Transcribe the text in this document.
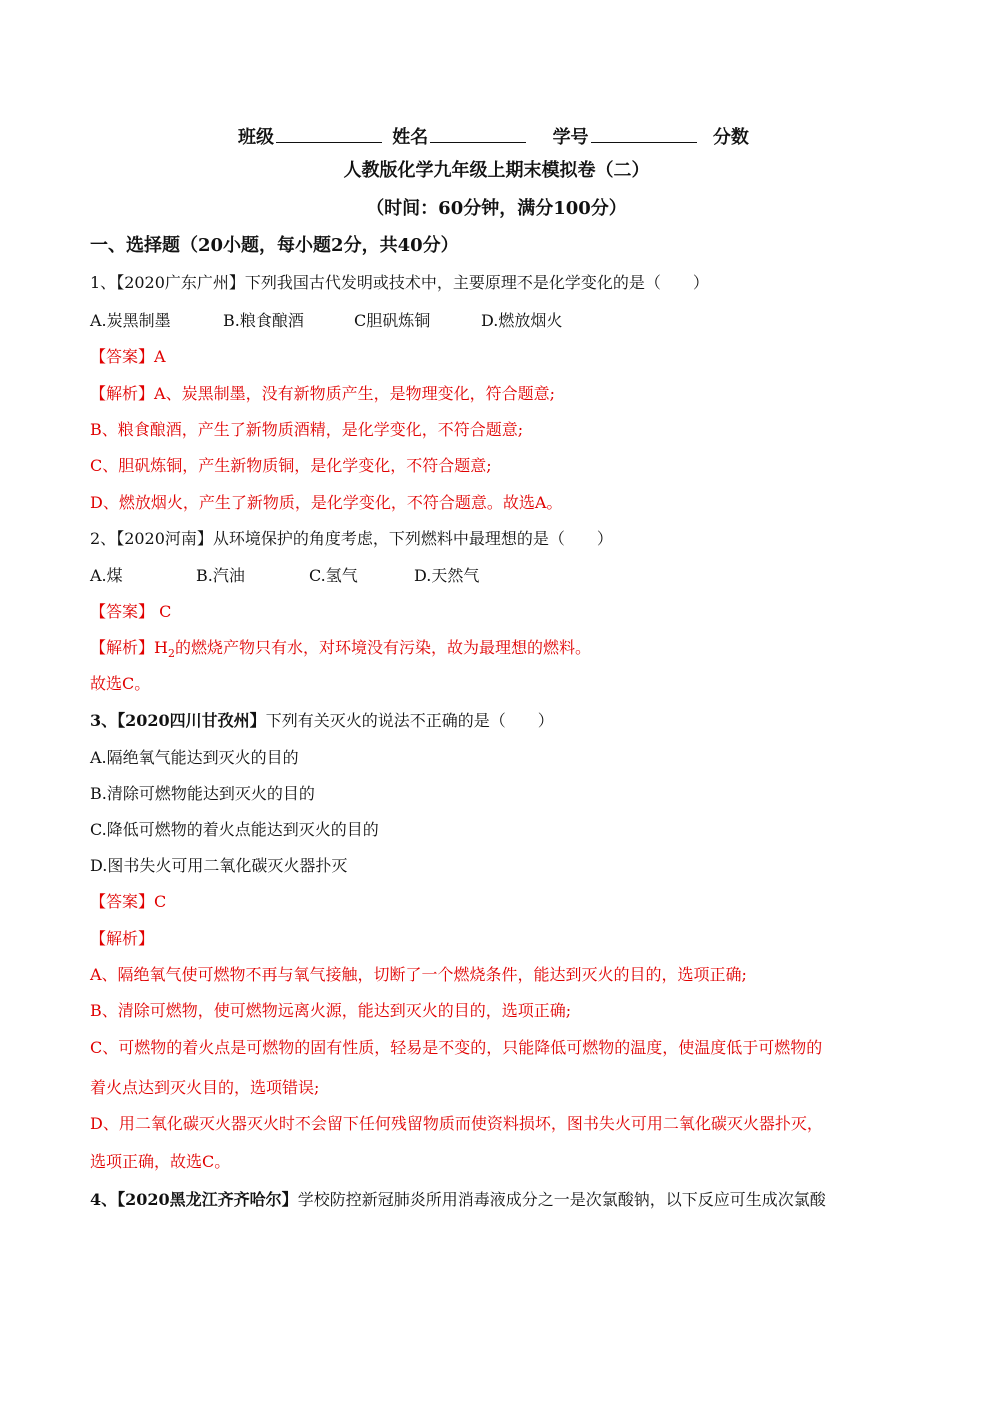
班级	姓名	学号	分数
人教版化学九年级上期末模拟卷（二）
（时间：60分钟，满分100分）
一、选择题（20小题，每小题2分，共40分）
1、【2020广东广州】下列我国古代发明或技术中，主要原理不是化学变化的是（　　）
A.炭黑制墨	B.粮食酿酒	C胆矾炼铜	D.燃放烟火
【答案】A
【解析】A、炭黑制墨，没有新物质产生，是物理变化，符合题意;
B、粮食酿酒，产生了新物质酒精，是化学变化，不符合题意;
C、胆矾炼铜，产生新物质铜，是化学变化，不符合题意;
D、燃放烟火，产生了新物质，是化学变化，不符合题意。故选A。
2、【2020河南】从环境保护的角度考虑，下列燃料中最理想的是（　　）
A.煤	B.汽油	C.氢气	D.天然气
【答案】 C
【解析】$H_2$的燃烧产物只有水，对环境没有污染，故为最理想的燃料。
故选C。
3、【2020四川甘孜州】下列有关灭火的说法不正确的是（　　）
A.隔绝氧气能达到灭火的目的
B.清除可燃物能达到灭火的目的
C.降低可燃物的着火点能达到灭火的目的
D.图书失火可用二氧化碳灭火器扑灭
【答案】C
【解析】
A、隔绝氧气使可燃物不再与氧气接触，切断了一个燃烧条件，能达到灭火的目的，选项正确;
B、清除可燃物，使可燃物远离火源，能达到灭火的目的，选项正确;
C、可燃物的着火点是可燃物的固有性质，轻易是不变的，只能降低可燃物的温度，使温度低于可燃物的
着火点达到灭火目的，选项错误;
D、用二氧化碳灭火器灭火时不会留下任何残留物质而使资料损坏，图书失火可用二氧化碳灭火器扑灭，
选项正确，故选C。
4、【2020黑龙江齐齐哈尔】学校防控新冠肺炎所用消毒液成分之一是次氯酸钠，以下反应可生成次氯酸
